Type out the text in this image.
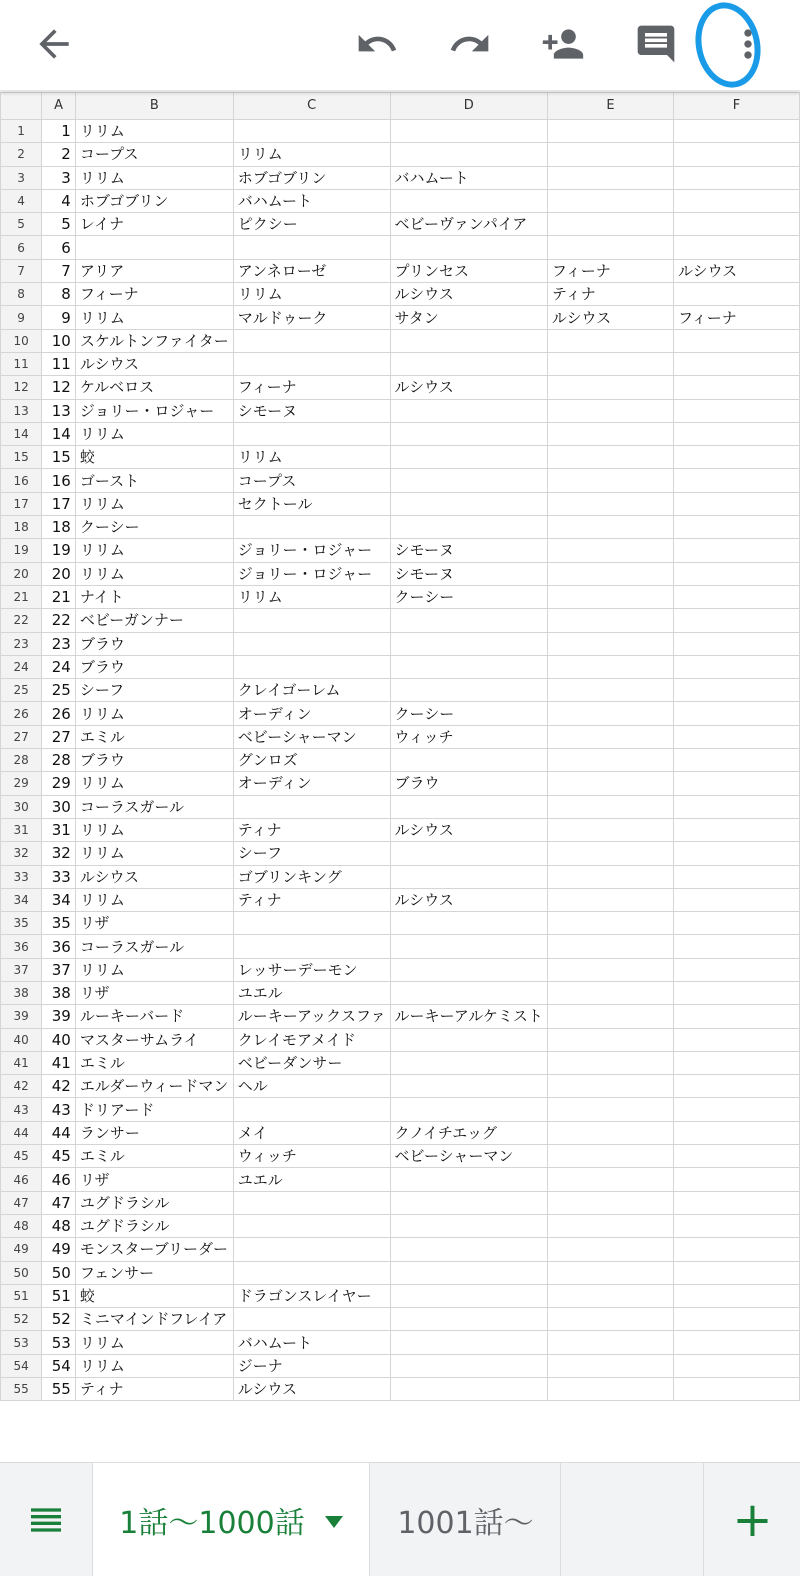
	A	B	C	D	E	F
1	1	リリム				
2	2	コープス	リリム			
3	3	リリム	ホブゴブリン	バハムート		
4	4	ホブゴブリン	バハムート			
5	5	レイナ	ピクシー	ベビーヴァンパイア		
6	6					
7	7	アリア	アンネローゼ	プリンセス	フィーナ	ルシウス
8	8	フィーナ	リリム	ルシウス	ティナ	
9	9	リリム	マルドゥーク	サタン	ルシウス	フィーナ
10	10	スケルトンファイター				
11	11	ルシウス				
12	12	ケルベロス	フィーナ	ルシウス		
13	13	ジョリー・ロジャー	シモーヌ			
14	14	リリム				
15	15	蛟	リリム			
16	16	ゴースト	コープス			
17	17	リリム	セクトール			
18	18	クーシー				
19	19	リリム	ジョリー・ロジャー	シモーヌ		
20	20	リリム	ジョリー・ロジャー	シモーヌ		
21	21	ナイト	リリム	クーシー		
22	22	ベビーガンナー				
23	23	ブラウ				
24	24	ブラウ				
25	25	シーフ	クレイゴーレム			
26	26	リリム	オーディン	クーシー		
27	27	エミル	ベビーシャーマン	ウィッチ		
28	28	ブラウ	グンロズ			
29	29	リリム	オーディン	ブラウ		
30	30	コーラスガール				
31	31	リリム	ティナ	ルシウス		
32	32	リリム	シーフ			
33	33	ルシウス	ゴブリンキング			
34	34	リリム	ティナ	ルシウス		
35	35	リザ				
36	36	コーラスガール				
37	37	リリム	レッサーデーモン			
38	38	リザ	ユエル			
39	39	ルーキーバード	ルーキーアックスファ	ルーキーアルケミスト		
40	40	マスターサムライ	クレイモアメイド			
41	41	エミル	ベビーダンサー			
42	42	エルダーウィードマン	ヘル			
43	43	ドリアード				
44	44	ランサー	メイ	クノイチエッグ		
45	45	エミル	ウィッチ	ベビーシャーマン		
46	46	リザ	ユエル			
47	47	ユグドラシル				
48	48	ユグドラシル				
49	49	モンスターブリーダー				
50	50	フェンサー				
51	51	蛟	ドラゴンスレイヤー			
52	52	ミニマインドフレイア				
53	53	リリム	バハムート			
54	54	リリム	ジーナ			
55	55	ティナ	ルシウス			
1話〜1000話	1001話〜	+
